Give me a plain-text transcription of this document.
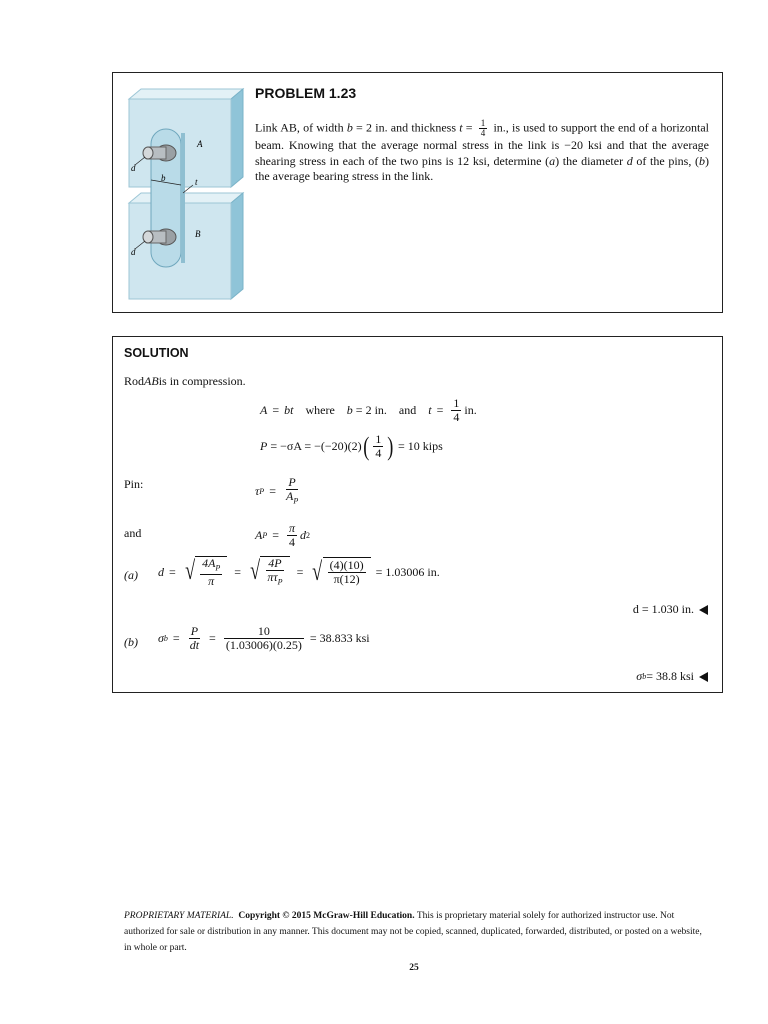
A
B
d
d
b	t
PROBLEM 1.23
Link AB, of width b = 2 in. and thickness $t = \frac{1}{4}$ in., is used to support the end of a horizontal beam. Knowing that the average normal stress in the link is −20 ksi and that the average shearing stress in each of the two pins is 12 ksi, determine (a) the diameter d of the pins, (b) the average bearing stress in the link.
SOLUTION
Rod AB is in compression.
A = bt where b
= 2 in. and $t = \frac{1}{4}$ in.
P
= −σA = −(−20)(2) ( $\frac{1}{4}$ )
= 10 kips
Pin:
τ $P = \frac{P}{A_P}$
and	A $P = \frac{\pi}{4}$ d 2
(a) d = √ $\frac{4A_P}{\pi}$ = √ $\frac{4P}{\pi\tau_P}$ = √ $\frac{(4)(10)}{\pi(12)}$
= 1.03006 in.
d = 1.030 in.
(b) σ $b = \frac{P}{dt} = \frac{10}{(1.03006)(0.25)}$
= 38.833 ksi
σ b = 38.8 ksi
PROPRIETARY MATERIAL. Copyright © 2015 McGraw-Hill Education. This is proprietary material solely for authorized instructor use. Not authorized for sale or distribution in any manner. This document may not be copied, scanned, duplicated, forwarded, distributed, or posted on a website, in whole or part.
25
